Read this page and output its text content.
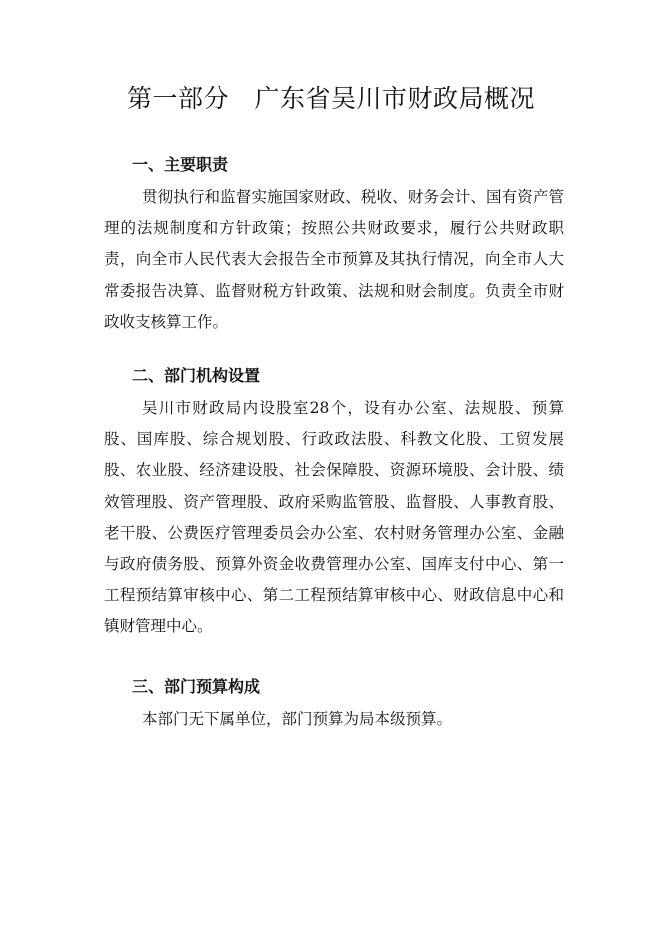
第一部分　广东省吴川市财政局概况
一、主要职责

贯彻执行和监督实施国家财政、税收、财务会计、国有资产管理的法规制度和方针政策；按照公共财政要求，履行公共财政职责，向全市人民代表大会报告全市预算及其执行情况，向全市人大常委报告决算、监督财税方针政策、法规和财会制度。负责全市财政收支核算工作。

二、部门机构设置

吴川市财政局内设股室28个，设有办公室、法规股、预算股、国库股、综合规划股、行政政法股、科教文化股、工贸发展股、农业股、经济建设股、社会保障股、资源环境股、会计股、绩效管理股、资产管理股、政府采购监管股、监督股、人事教育股、老干股、公费医疗管理委员会办公室、农村财务管理办公室、金融与政府债务股、预算外资金收费管理办公室、国库支付中心、第一工程预结算审核中心、第二工程预结算审核中心、财政信息中心和镇财管理中心。

三、部门预算构成

本部门无下属单位，部门预算为局本级预算。
